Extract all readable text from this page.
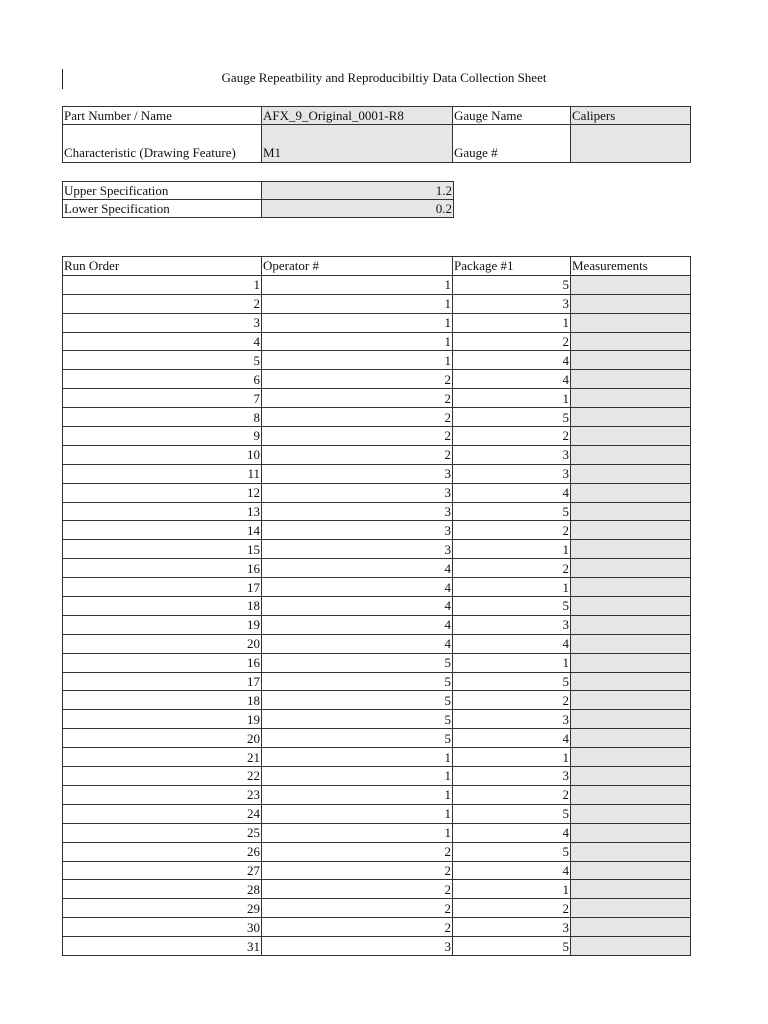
Gauge Repeatbility and Reproducibiltiy Data Collection Sheet
Part Number / Name	AFX_9_Original_0001-R8	Gauge Name	Calipers
Characteristic (Drawing Feature)	M1	Gauge #	
Upper Specification	1.2
Lower Specification	0.2
Run Order	Operator #	Package #1	Measurements
1	1	5	
2	1	3	
3	1	1	
4	1	2	
5	1	4	
6	2	4	
7	2	1	
8	2	5	
9	2	2	
10	2	3	
11	3	3	
12	3	4	
13	3	5	
14	3	2	
15	3	1	
16	4	2	
17	4	1	
18	4	5	
19	4	3	
20	4	4	
16	5	1	
17	5	5	
18	5	2	
19	5	3	
20	5	4	
21	1	1	
22	1	3	
23	1	2	
24	1	5	
25	1	4	
26	2	5	
27	2	4	
28	2	1	
29	2	2	
30	2	3	
31	3	5	
